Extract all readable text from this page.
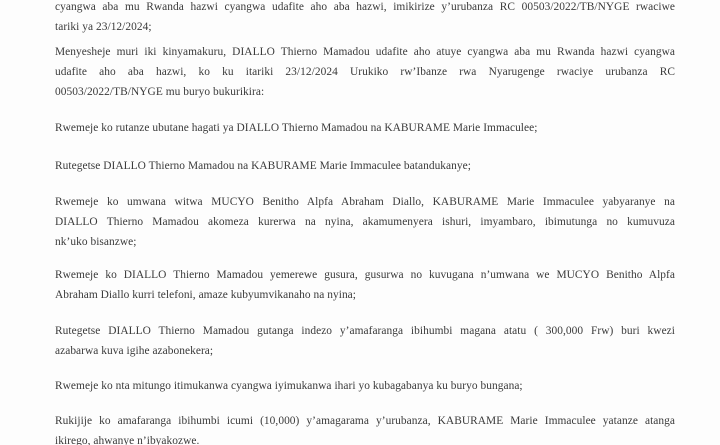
cyangwa aba mu Rwanda hazwi cyangwa udafite aho aba hazwi, imikirize y’urubanza RC 00503/2022/TB/NYGE rwaciwe
tariki ya 23/12/2024;
Menyesheje muri iki kinyamakuru, DIALLO Thierno Mamadou udafite aho atuye cyangwa aba mu Rwanda hazwi cyangwa
udafite aho aba hazwi, ko ku itariki 23/12/2024 Urukiko rw’Ibanze rwa Nyarugenge rwaciye urubanza RC
00503/2022/TB/NYGE mu buryo bukurikira:
Rwemeje ko rutanze ubutane hagati ya DIALLO Thierno Mamadou na KABURAME Marie Immaculee;
Rutegetse DIALLO Thierno Mamadou na KABURAME Marie Immaculee batandukanye;
Rwemeje ko umwana witwa MUCYO Benitho Alpfa Abraham Diallo, KABURAME Marie Immaculee yabyaranye na
DIALLO Thierno Mamadou akomeza kurerwa na nyina, akamumenyera ishuri, imyambaro, ibimutunga no kumuvuza
nk’uko bisanzwe;
Rwemeje ko DIALLO Thierno Mamadou yemerewe gusura, gusurwa no kuvugana n’umwana we MUCYO Benitho Alpfa
Abraham Diallo kurri telefoni, amaze kubyumvikanaho na nyina;
Rutegetse DIALLO Thierno Mamadou gutanga indezo y’amafaranga ibihumbi magana atatu ( 300,000 Frw) buri kwezi
azabarwa kuva igihe azabonekera;
Rwemeje ko nta mitungo itimukanwa cyangwa iyimukanwa ihari yo kubagabanya ku buryo bungana;
Rukijije ko amafaranga ibihumbi icumi (10,000) y’amagarama y’urubanza, KABURAME Marie Immaculee yatanze atanga
ikirego, ahwanye n’ibyakozwe.
